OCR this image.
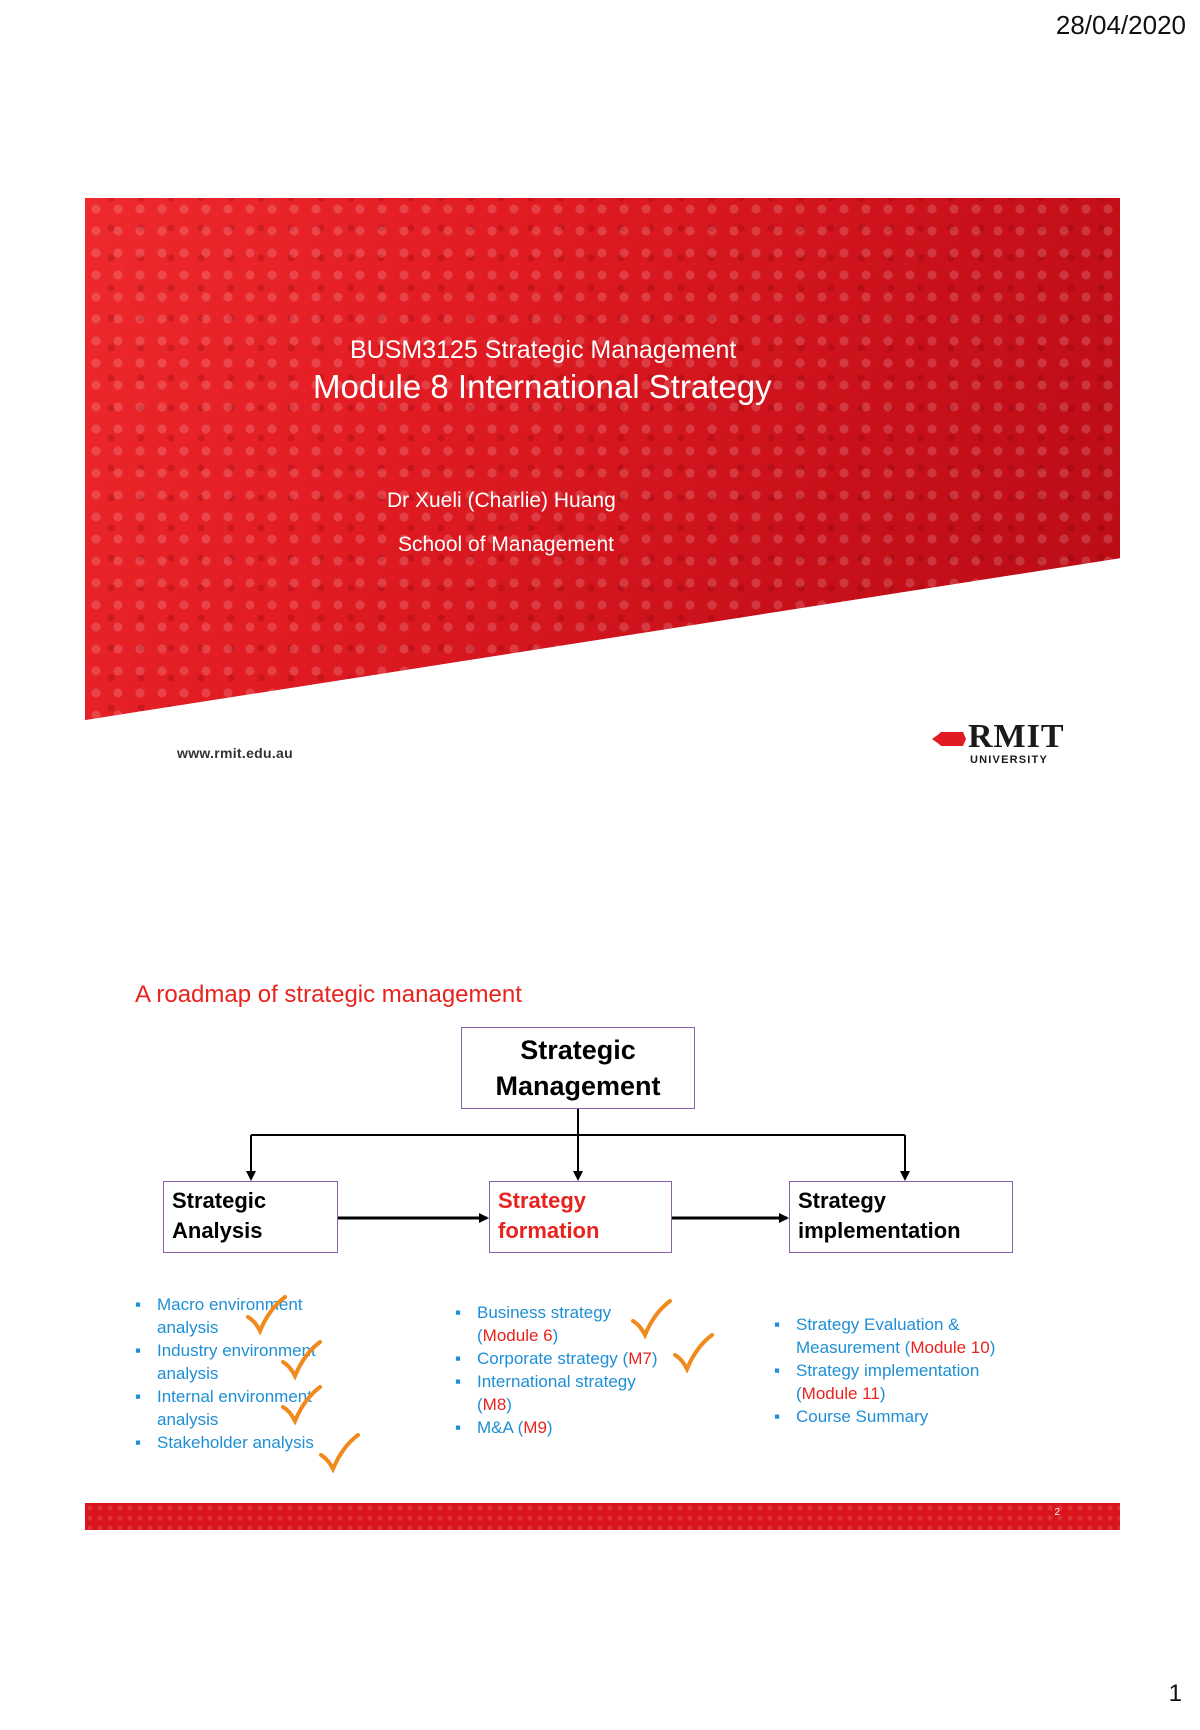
28/04/2020
BUSM3125 Strategic Management
Module 8 International Strategy
Dr Xueli (Charlie) Huang
School of Management
www.rmit.edu.au	RMIT
UNIVERSITY
A roadmap of strategic management
Strategic
Management
Strategic
Analysis
Strategy
formation
Strategy
implementation
▪ Macro environment
analysis
▪ Industry environment
analysis
▪ Internal environment
analysis
▪ Stakeholder analysis
▪ Business strategy
(Module 6)
▪ Corporate strategy (M7)
▪ International strategy
(M8)
▪ M&A (M9)
▪ Strategy Evaluation &
Measurement (Module 10)
▪ Strategy implementation
(Module 11)
▪ Course Summary
2
1
